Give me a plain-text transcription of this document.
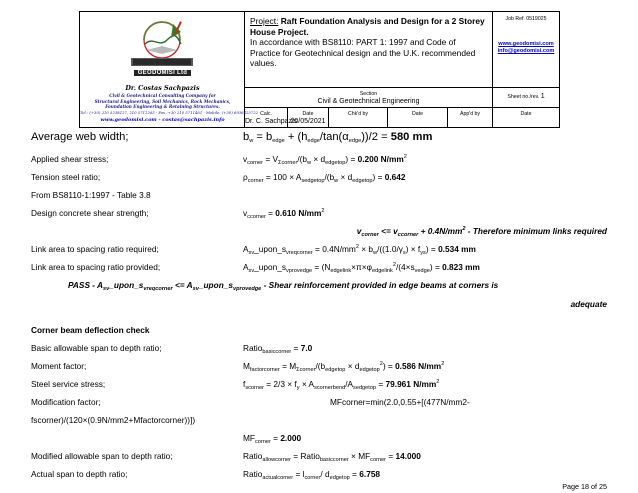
GEODOMISI Ltd
Dr. Costas Sachpazis
Civil & Geotechnical Consulting Company for
Structural Engineering, Soil Mechanics, Rock Mechanics,
Foundation Engineering & Retaining Structures.
Tel.: (+30) 210 5238127, 210 5711263 - Fax.:+30 210 5711461 - Mobile: (+30) 6936425722
www.geodomisi.com - costas@sachpazis.info
Project: Raft Foundation Analysis and Design for a 2 Storey House Project.
In accordance with BS8110: PART 1: 1997 and Code of Practice for Geotechnical design and the U.K. recommended values.
Job Ref. 0519025
www.geodomisi.com
info@geodomisi.com
Section
Civil & Geotechnical Engineering
Sheet no./rev. 1
Calc.
Dr. C. Sachpazis
Date
20/05/2021
Chk'd by	Date	App'd by	Date
Average web width;	$b_w = b_{edge} + (h_{edge}/\tan(\alpha_{edge}))/2 = 580$ mm
Applied shear stress;	$v_{corner} = V_{\Sigma corner}/(b_w \times d_{edgetop}) = 0.200$ $N/mm^2$
Tension steel ratio;	$\rho_{corner} = 100 \times A_{sedgetop}/(b_w \times d_{edgetop}) = 0.642$
From BS8110-1:1997 - Table 3.8
Design concrete shear strength;	$v_{ccorner} = 0.610$ $N/mm^2$
$v_{corner} <= v_{ccorner} + 0.4N/mm^2$ - Therefore minimum links required
Link area to spacing ratio required;	$A_{sv}\_upon\_s_{vreqcorner} = 0.4N/mm^2 \times b_w/((1.0/\gamma_s) \times f_{ys}) = 0.534$ mm
Link area to spacing ratio provided;	$A_{sv}\_upon\_s_{vprovedge} = (N_{edgelink}\times\pi\times\varphi_{edgelink}^2/(4\times s_{vedge}) = 0.823$ mm
PASS - $A_{sv}\_upon\_s_{vreqcorner}$ <= $A_{sv}\_upon\_s_{vprovedge}$ - Shear reinforcement provided in edge beams at corners is
adequate
Corner beam deflection check
Basic allowable span to depth ratio;	Ratio$_{basiccorner}$ = 7.0
Moment factor;	$M_{factorcorner} = M_{\Sigma corner}/(b_{edgetop} \times d_{edgetop}^2) = 0.586$ $N/mm^2$
Steel service stress;	$f_{scorner} = 2/3 \times f_y \times A_{scornerbend}/A_{sedgetop} = 79.961$ $N/mm^2$
Modification factor;	MFcorner=min(2.0,0.55+[(477N/mm2-
fscorner)/(120×(0.9N/mm2+Mfactorcorner))])
$MF_{corner} = 2.000$
Modified allowable span to depth ratio;	Ratio$_{allowcorner}$ = Ratio$_{basiccorner}$ × $MF_{corner} = 14.000$
Actual span to depth ratio;	Ratio$_{actualcorner}$ = $l_{corner}/$ $d_{edgetop} = 6.758$
Page 18 of 25
